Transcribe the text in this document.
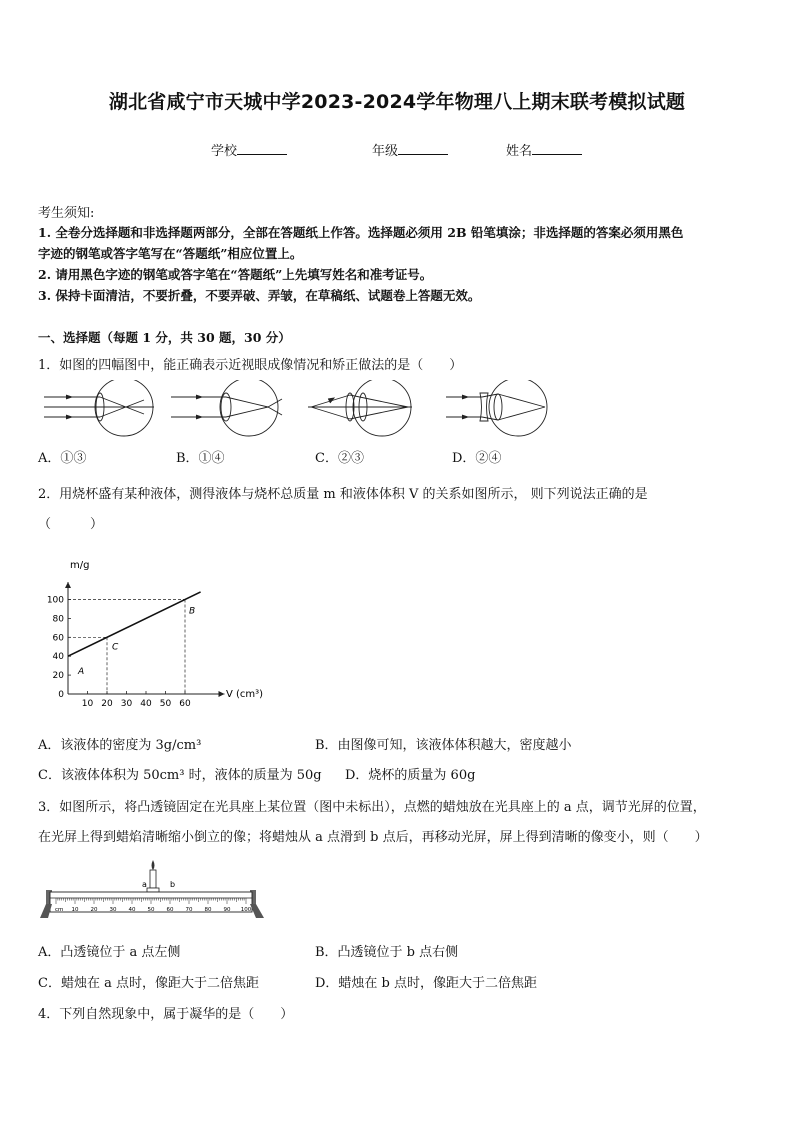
湖北省咸宁市天城中学2023-2024学年物理八上期末联考模拟试题
学校	年级	姓名
考生须知:
1. 全卷分选择题和非选择题两部分，全部在答题纸上作答。选择题必须用 2B 铅笔填涂；非选择题的答案必须用黑色
字迹的钢笔或答字笔写在“答题纸”相应位置上。
2. 请用黑色字迹的钢笔或答字笔在“答题纸”上先填写姓名和准考证号。
3. 保持卡面清洁，不要折叠，不要弄破、弄皱，在草稿纸、试题卷上答题无效。
一、选择题（每题 1 分，共 30 题，30 分）
1．如图的四幅图中，能正确表示近视眼成像情况和矫正做法的是（　　）
A．①③	B．①④	C．②③	D．②④
2．用烧杯盛有某种液体，测得液体与烧杯总质量 m 和液体体积 V 的关系如图所示， 则下列说法正确的是
（　　　）
10 20 30 40 50 60
20
40
60
80
100
0
A
C
B
m/g
V (cm³)
A．该液体的密度为 3g/cm³	B．由图像可知，该液体体积越大，密度越小
C．该液体体积为 50cm³ 时，液体的质量为 50g D．烧杯的质量为 60g
3．如图所示，将凸透镜固定在光具座上某位置（图中未标出），点燃的蜡烛放在光具座上的 a 点，调节光屏的位置，
在光屏上得到蜡焰清晰缩小倒立的像；将蜡烛从 a 点滑到 b 点后，再移动光屏，屏上得到清晰的像变小，则（　　）
a	b
10 20 30 40 50 60 70 80 90 100
cm
A．凸透镜位于 a 点左侧	B．凸透镜位于 b 点右侧
C．蜡烛在 a 点时，像距大于二倍焦距	D．蜡烛在 b 点时，像距大于二倍焦距
4．下列自然现象中，属于凝华的是（　　）
